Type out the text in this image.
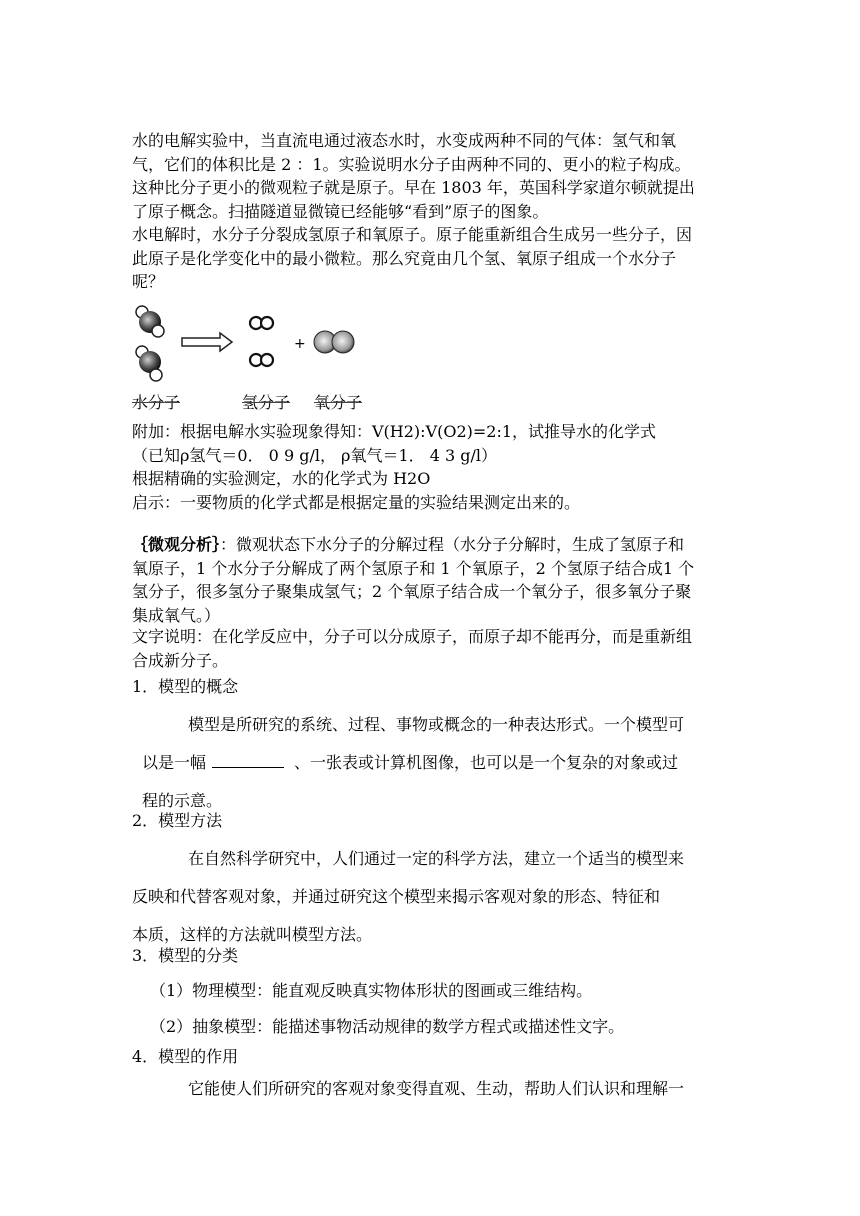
水的电解实验中，当直流电通过液态水时，水变成两种不同的气体：氢气和氧
气，它们的体积比是 2 ：1。实验说明水分子由两种不同的、更小的粒子构成。
这种比分子更小的微观粒子就是原子。早在 1803 年，英国科学家道尔顿就提出
了原子概念。扫描隧道显微镜已经能够“看到”原子的图象。
水电解时，水分子分裂成氢原子和氧原子。原子能重新组合生成另一些分子，因
此原子是化学变化中的最小微粒。那么究竟由几个氢、氧原子组成一个水分子
呢？
+
水分子	氢分子 氧分子
附加：根据电解水实验现象得知：V(H2):V(O2)=2:1，试推导水的化学式
（已知ρ氢气＝0． 0 9 g/l， ρ氧气＝1． 4 3 g/l）
根据精确的实验测定，水的化学式为 H2O
启示：一要物质的化学式都是根据定量的实验结果测定出来的。
｛微观分析｝：微观状态下水分子的分解过程（水分子分解时，生成了氢原子和
氧原子，1 个水分子分解成了两个氢原子和 1 个氧原子，2 个氢原子结合成1 个
氢分子，很多氢分子聚集成氢气；2 个氧原子结合成一个氧分子，很多氧分子聚
集成氧气。）
文字说明：在化学反应中，分子可以分成原子，而原子却不能再分，而是重新组
合成新分子。

1．模型的概念

模型是所研究的系统、过程、事物或概念的一种表达形式。一个模型可
以是一幅	、一张表或计算机图像，也可以是一个复杂的对象或过
程的示意。

2．模型方法

在自然科学研究中，人们通过一定的科学方法，建立一个适当的模型来
反映和代替客观对象，并通过研究这个模型来揭示客观对象的形态、特征和
本质，这样的方法就叫模型方法。

3．模型的分类

（1）物理模型：能直观反映真实物体形状的图画或三维结构。

（2）抽象模型：能描述事物活动规律的数学方程式或描述性文字。

4．模型的作用

它能使人们所研究的客观对象变得直观、生动，帮助人们认识和理解一
